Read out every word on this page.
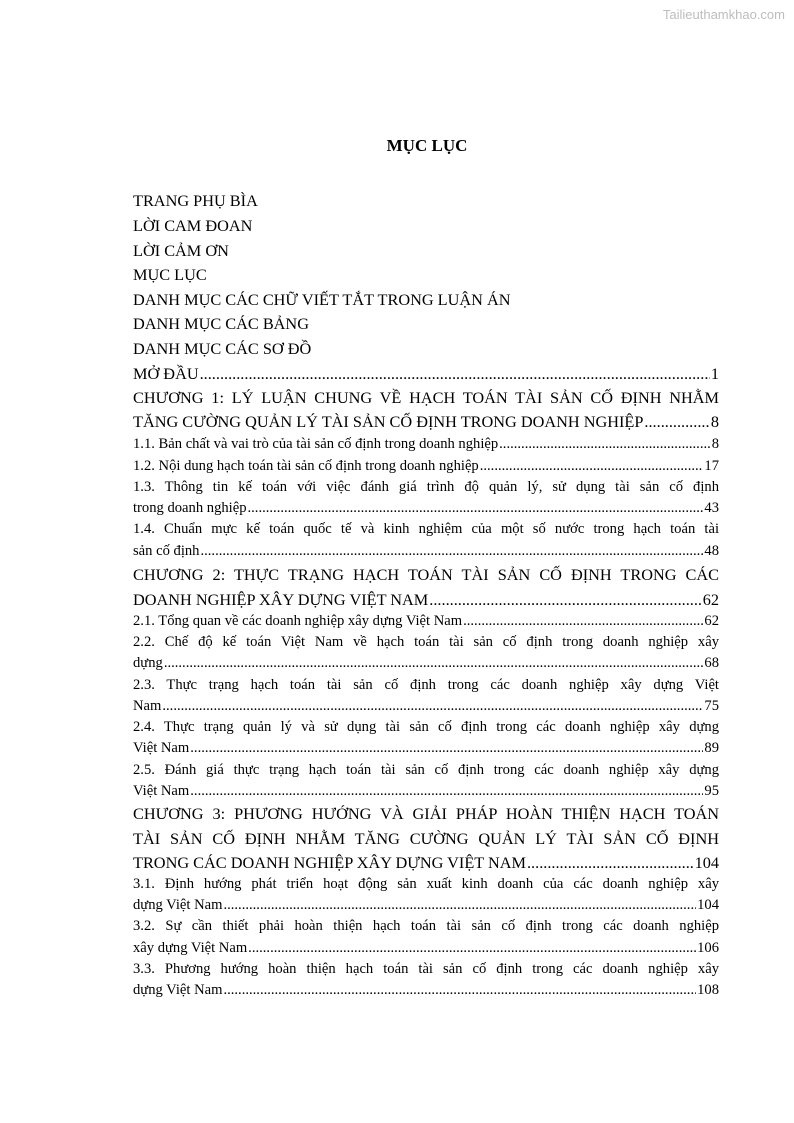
Tailieuthamkhao.com
MỤC LỤC
TRANG PHỤ BÌA
LỜI CAM ĐOAN
LỜI CẢM ƠN
MỤC LỤC
DANH MỤC CÁC CHỮ VIẾT TẮT TRONG LUẬN ÁN
DANH MỤC CÁC BẢNG
DANH MỤC CÁC SƠ ĐỒ
MỞ ĐẦU .....	1
CHƯƠNG 1: LÝ LUẬN CHUNG VỀ HẠCH TOÁN TÀI SẢN CỐ ĐỊNH NHẰM
TĂNG CƯỜNG QUẢN LÝ TÀI SẢN CỐ ĐỊNH TRONG DOANH NGHIỆP .....	8
1.1. Bản chất và vai trò của tài sản cố định trong doanh nghiệp .....	8
1.2. Nội dung hạch toán tài sản cố định trong doanh nghiệp .....	17
1.3. Thông tin kế toán với việc đánh giá trình độ quản lý, sử dụng tài sản cố định
trong doanh nghiệp .....	43
1.4. Chuẩn mực kế toán quốc tế và kinh nghiệm của một số nước trong hạch toán tài
sản cố định .....	48
CHƯƠNG 2: THỰC TRẠNG HẠCH TOÁN TÀI SẢN CỐ ĐỊNH TRONG CÁC
DOANH NGHIỆP XÂY DỰNG VIỆT NAM .....	62
2.1. Tổng quan về các doanh nghiệp xây dựng Việt Nam .....	62
2.2. Chế độ kế toán Việt Nam về hạch toán tài sản cố định trong doanh nghiệp xây
dựng .....	68
2.3. Thực trạng hạch toán tài sản cố định trong các doanh nghiệp xây dựng Việt
Nam .....	75
2.4. Thực trạng quản lý và sử dụng tài sản cố định trong các doanh nghiệp xây dựng
Việt Nam .....	89
2.5. Đánh giá thực trạng hạch toán tài sản cố định trong các doanh nghiệp xây dựng
Việt Nam .....	95
CHƯƠNG 3: PHƯƠNG HƯỚNG VÀ GIẢI PHÁP HOÀN THIỆN HẠCH TOÁN
TÀI SẢN CỐ ĐỊNH NHẰM TĂNG CƯỜNG QUẢN LÝ TÀI SẢN CỐ ĐỊNH
TRONG CÁC DOANH NGHIỆP XÂY DỰNG VIỆT NAM .....	104
3.1. Định hướng phát triển hoạt động sản xuất kinh doanh của các doanh nghiệp xây
dựng Việt Nam .....	104
3.2. Sự cần thiết phải hoàn thiện hạch toán tài sản cố định trong các doanh nghiệp
xây dựng Việt Nam .....	106
3.3. Phương hướng hoàn thiện hạch toán tài sản cố định trong các doanh nghiệp xây
dựng Việt Nam .....	108
